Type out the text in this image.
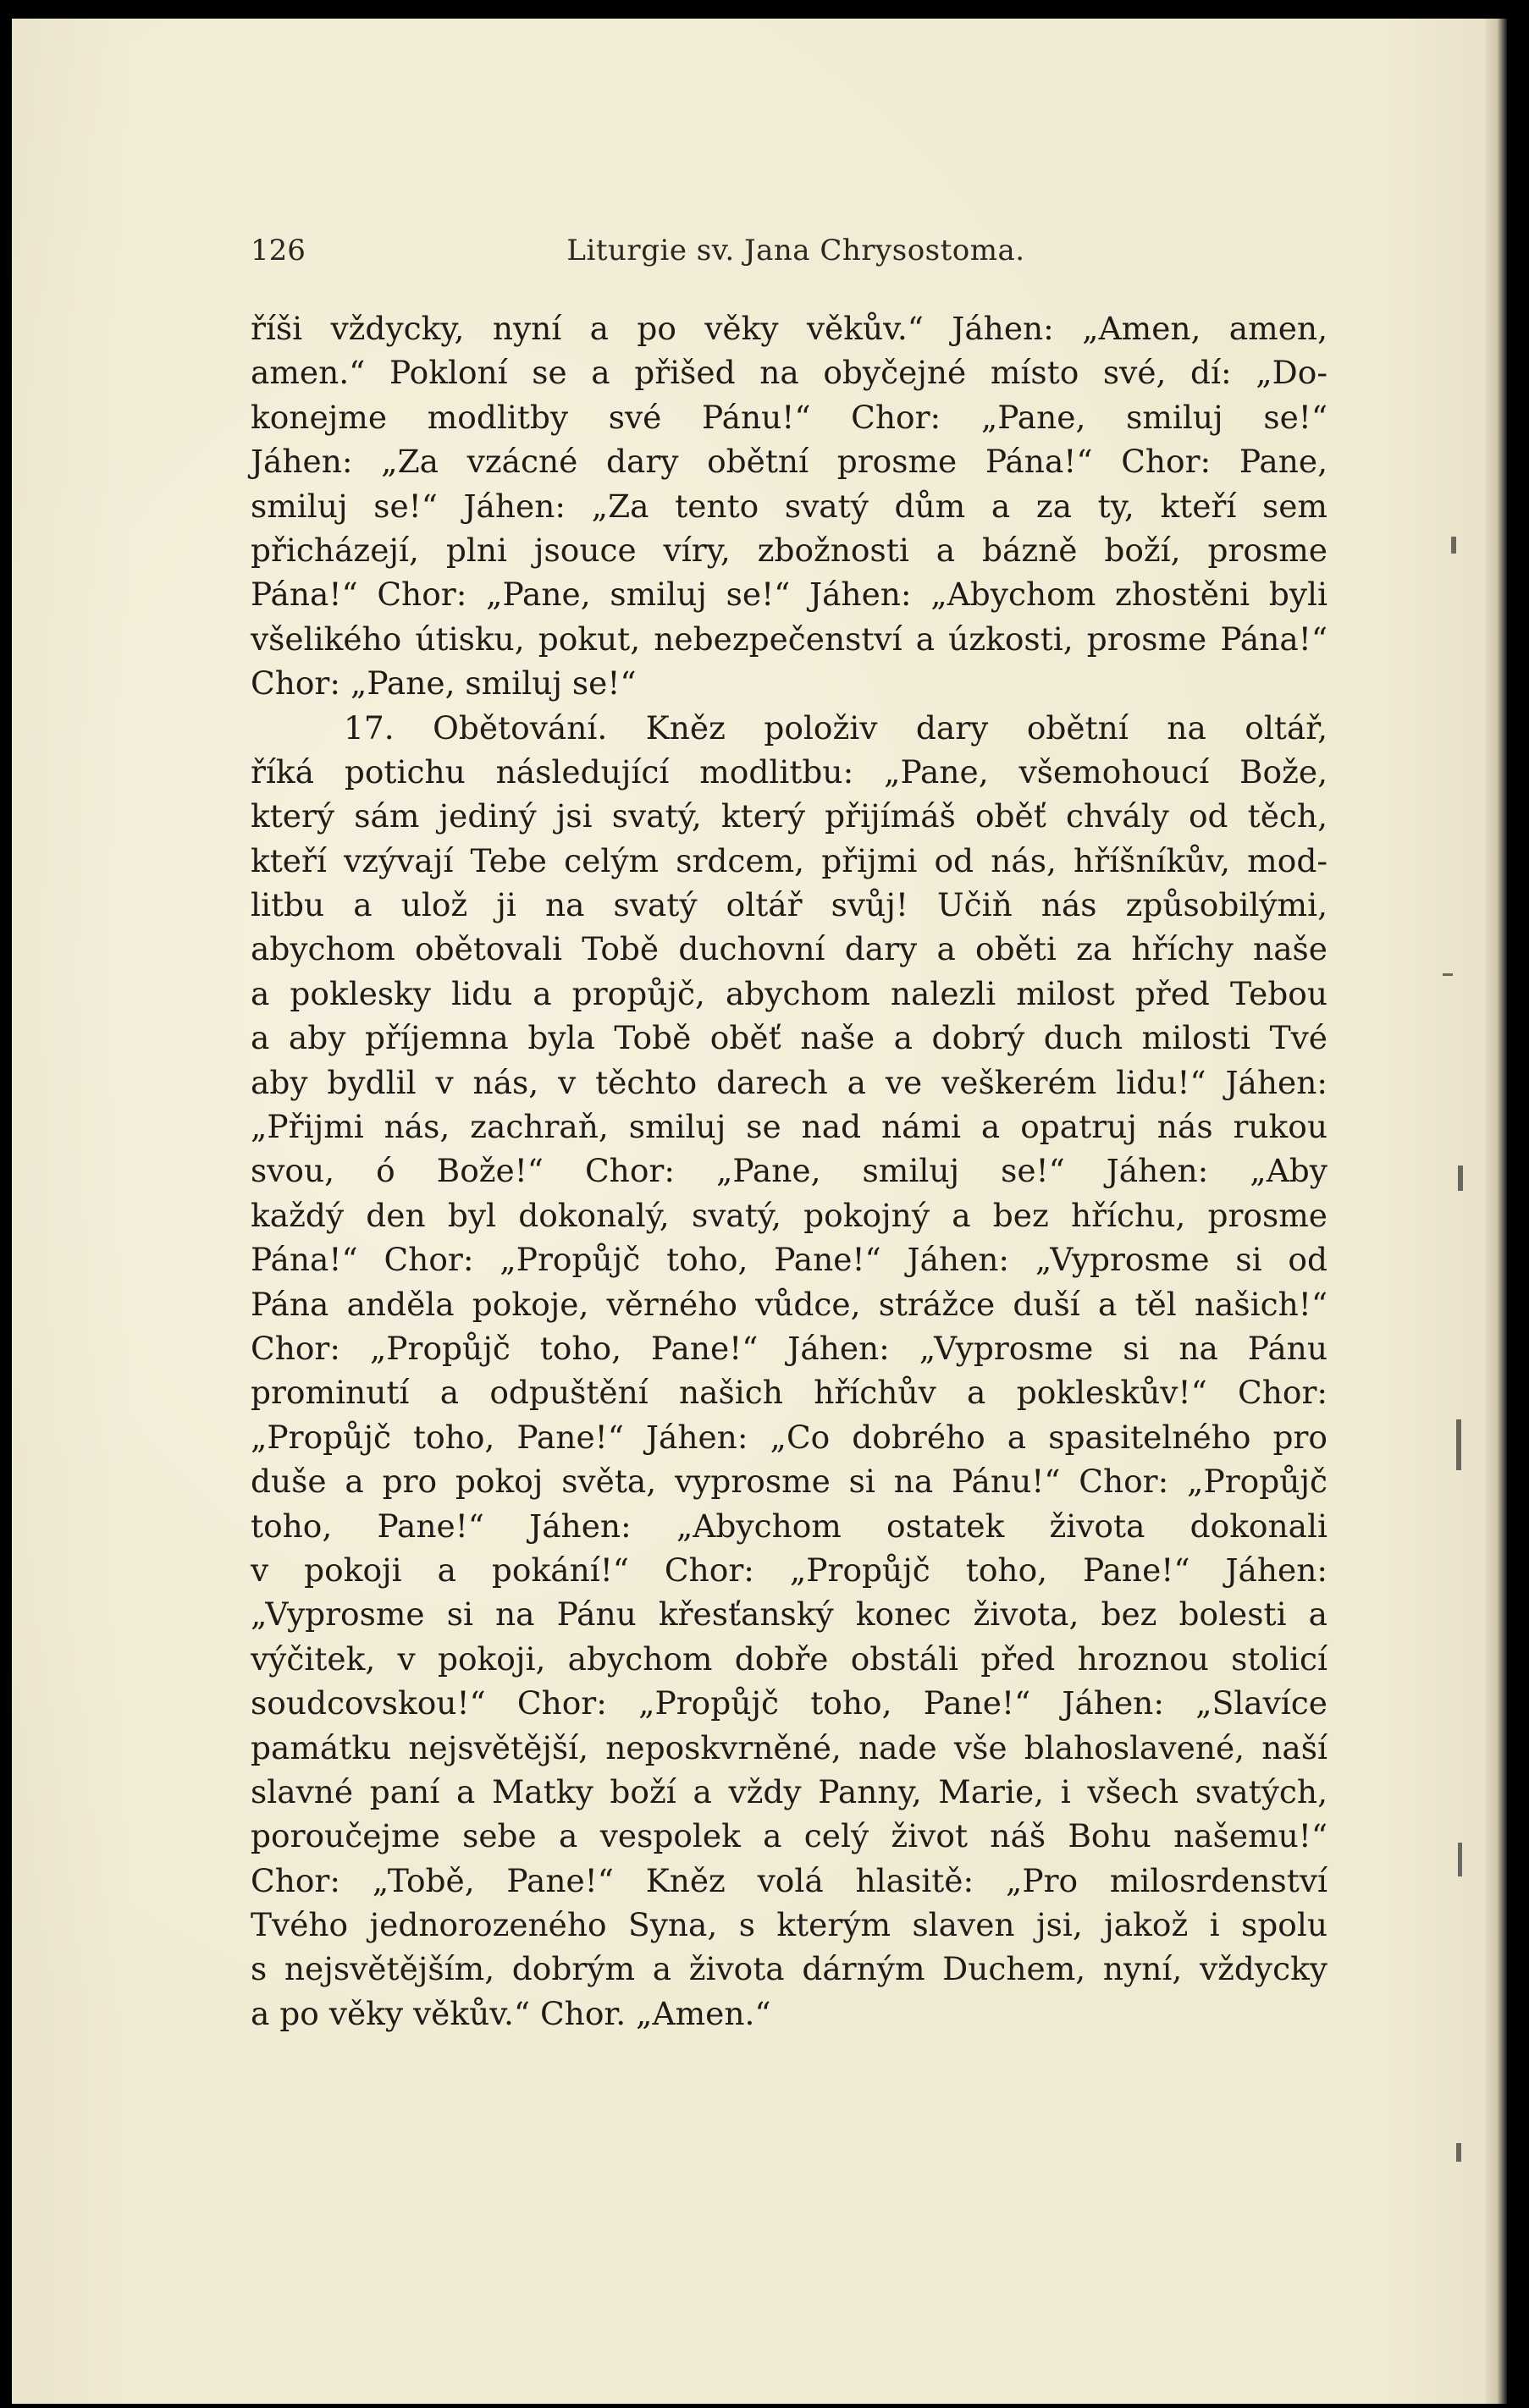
126	Liturgie sv. Jana Chrysostoma.
říši vždycky, nyní a po věky věkův.“ Jáhen: „Amen, amen,
amen.“ Pokloní se a přišed na obyčejné místo své, dí: „Do-
konejme modlitby své Pánu!“ Chor: „Pane, smiluj se!“
Jáhen: „Za vzácné dary obětní prosme Pána!“ Chor: Pane,
smiluj se!“ Jáhen: „Za tento svatý dům a za ty, kteří sem
přicházejí, plni jsouce víry, zbožnosti a bázně boží, prosme
Pána!“ Chor: „Pane, smiluj se!“ Jáhen: „Abychom zhostěni byli
všelikého útisku, pokut, nebezpečenství a úzkosti, prosme Pána!“
Chor: „Pane, smiluj se!“
17. Obětování. Kněz položiv dary obětní na oltář,
říká potichu následující modlitbu: „Pane, všemohoucí Bože,
který sám jediný jsi svatý, který přijímáš oběť chvály od těch,
kteří vzývají Tebe celým srdcem, přijmi od nás, hříšníkův, mod-
litbu a ulož ji na svatý oltář svůj! Učiň nás způsobilými,
abychom obětovali Tobě duchovní dary a oběti za hříchy naše
a poklesky lidu a propůjč, abychom nalezli milost před Tebou
a aby příjemna byla Tobě oběť naše a dobrý duch milosti Tvé
aby bydlil v nás, v těchto darech a ve veškerém lidu!“ Jáhen:
„Přijmi nás, zachraň, smiluj se nad námi a opatruj nás rukou
svou, ó Bože!“ Chor: „Pane, smiluj se!“ Jáhen: „Aby
každý den byl dokonalý, svatý, pokojný a bez hříchu, prosme
Pána!“ Chor: „Propůjč toho, Pane!“ Jáhen: „Vyprosme si od
Pána anděla pokoje, věrného vůdce, strážce duší a těl našich!“
Chor: „Propůjč toho, Pane!“ Jáhen: „Vyprosme si na Pánu
prominutí a odpuštění našich hříchův a pokleskův!“ Chor:
„Propůjč toho, Pane!“ Jáhen: „Co dobrého a spasitelného pro
duše a pro pokoj světa, vyprosme si na Pánu!“ Chor: „Propůjč
toho, Pane!“ Jáhen: „Abychom ostatek života dokonali
v pokoji a pokání!“ Chor: „Propůjč toho, Pane!“ Jáhen:
„Vyprosme si na Pánu křesťanský konec života, bez bolesti a
výčitek, v pokoji, abychom dobře obstáli před hroznou stolicí
soudcovskou!“ Chor: „Propůjč toho, Pane!“ Jáhen: „Slavíce
památku nejsvětější, neposkvrněné, nade vše blahoslavené, naší
slavné paní a Matky boží a vždy Panny, Marie, i všech svatých,
poroučejme sebe a vespolek a celý život náš Bohu našemu!“
Chor: „Tobě, Pane!“ Kněz volá hlasitě: „Pro milosrdenství
Tvého jednorozeného Syna, s kterým slaven jsi, jakož i spolu
s nejsvětějším, dobrým a života dárným Duchem, nyní, vždycky
a po věky věkův.“ Chor. „Amen.“
